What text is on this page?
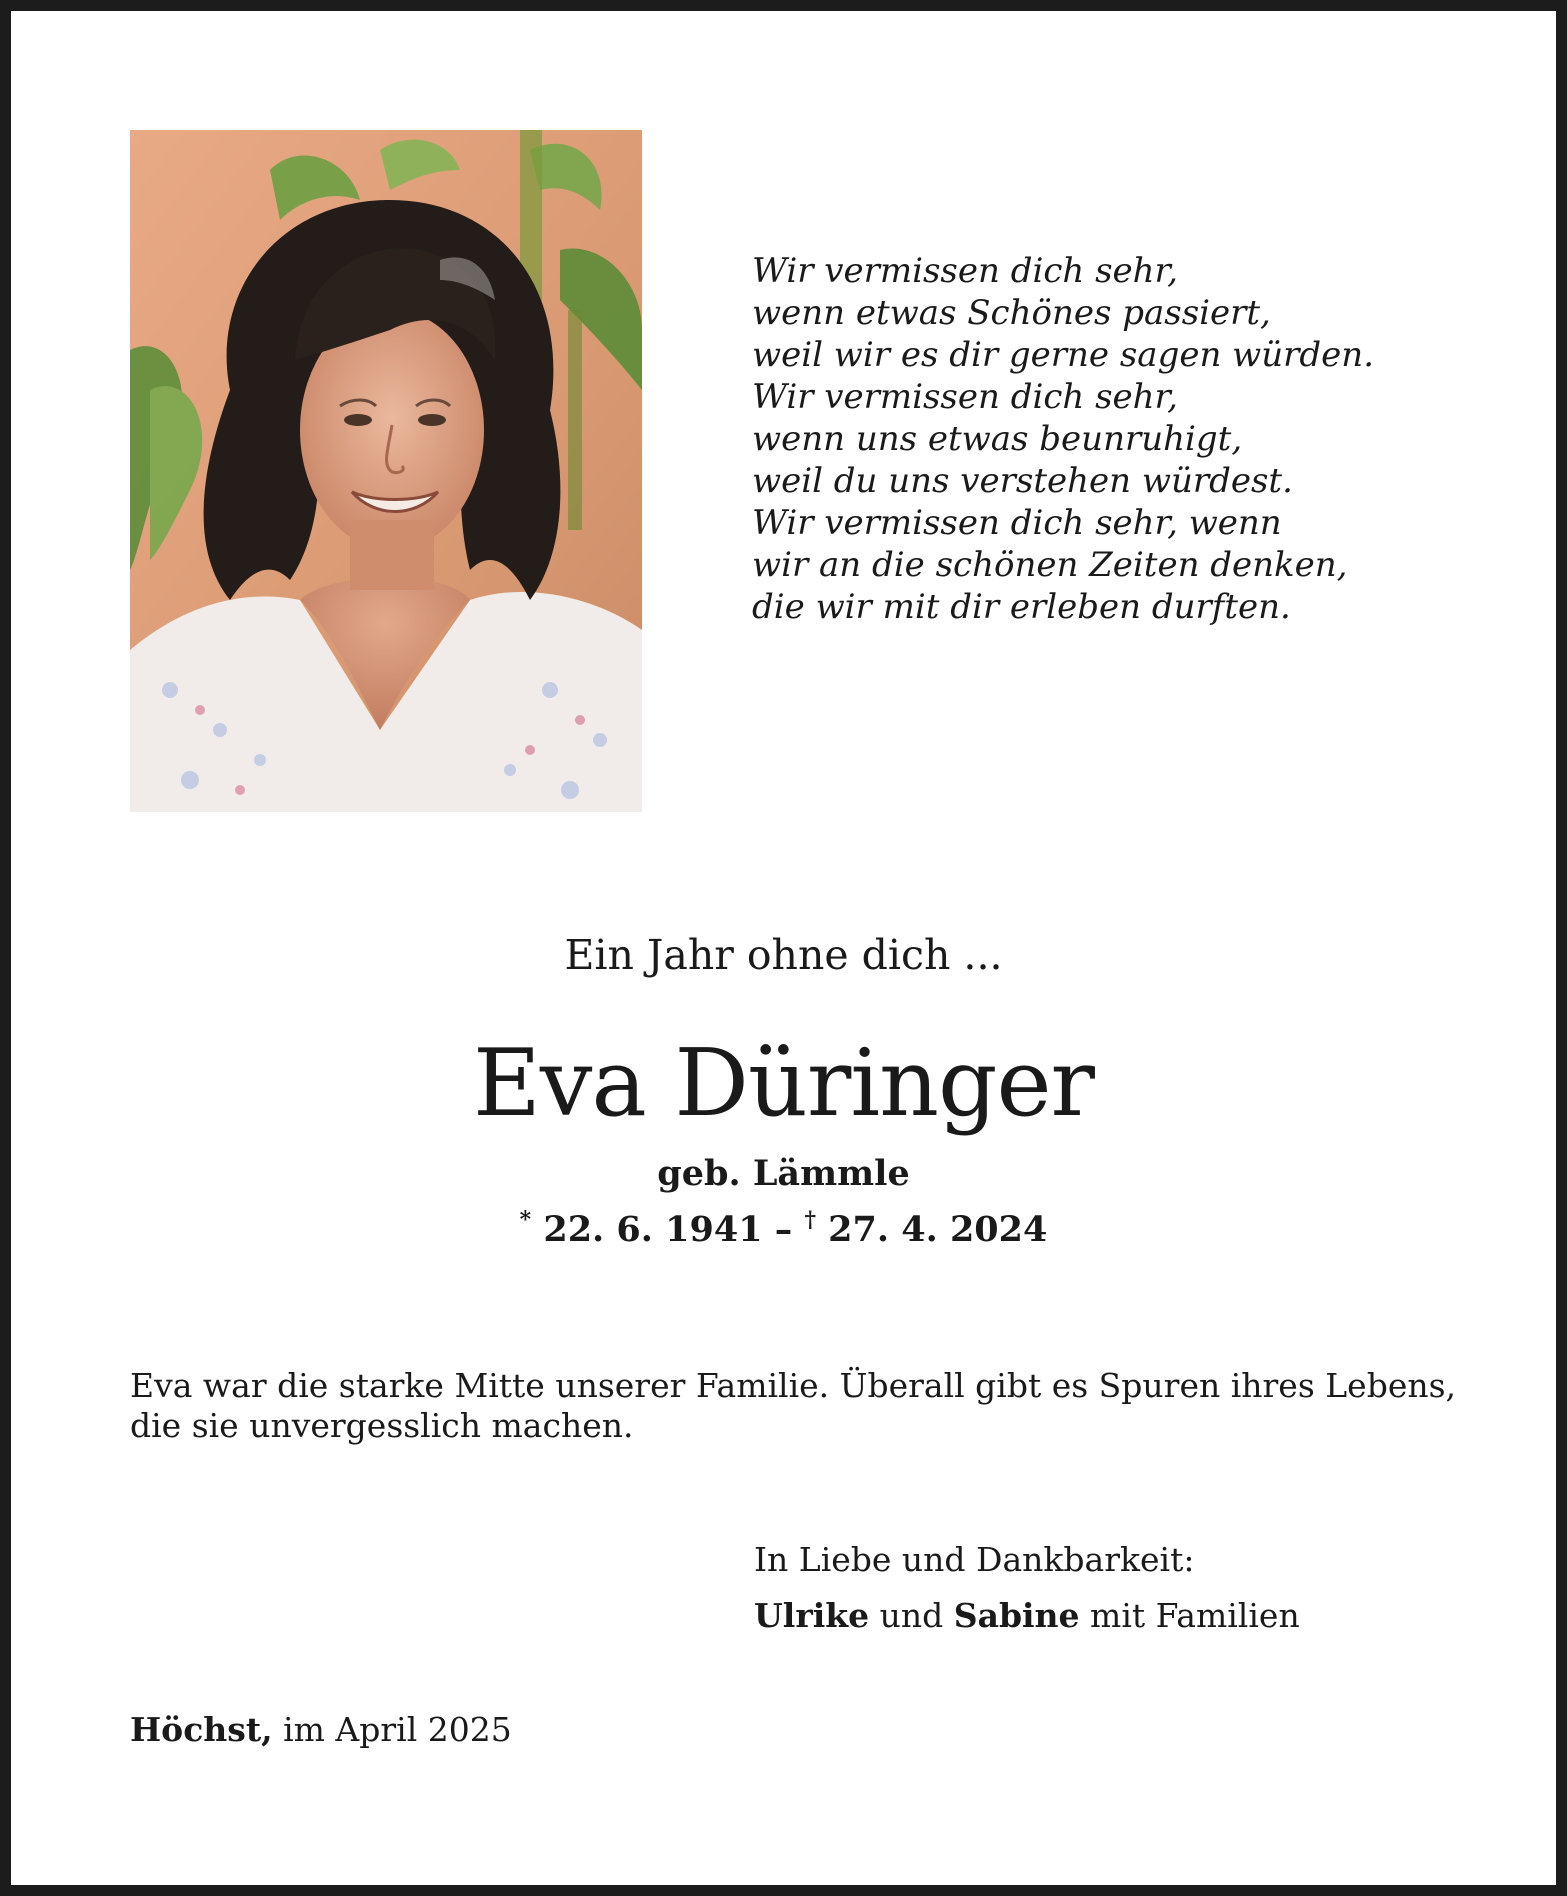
Wir vermissen dich sehr,
wenn etwas Schönes passiert,
weil wir es dir gerne sagen würden.
Wir vermissen dich sehr,
wenn uns etwas beunruhigt,
weil du uns verstehen würdest.
Wir vermissen dich sehr, wenn
wir an die schönen Zeiten denken,
die wir mit dir erleben durften.
Ein Jahr ohne dich ...
Eva Düringer
geb. Lämmle
* 22. 6. 1941 – † 27. 4. 2024
Eva war die starke Mitte unserer Familie. Überall gibt es Spuren ihres Lebens,
die sie unvergesslich machen.
In Liebe und Dankbarkeit:
Ulrike und Sabine mit Familien
Höchst, im April 2025
